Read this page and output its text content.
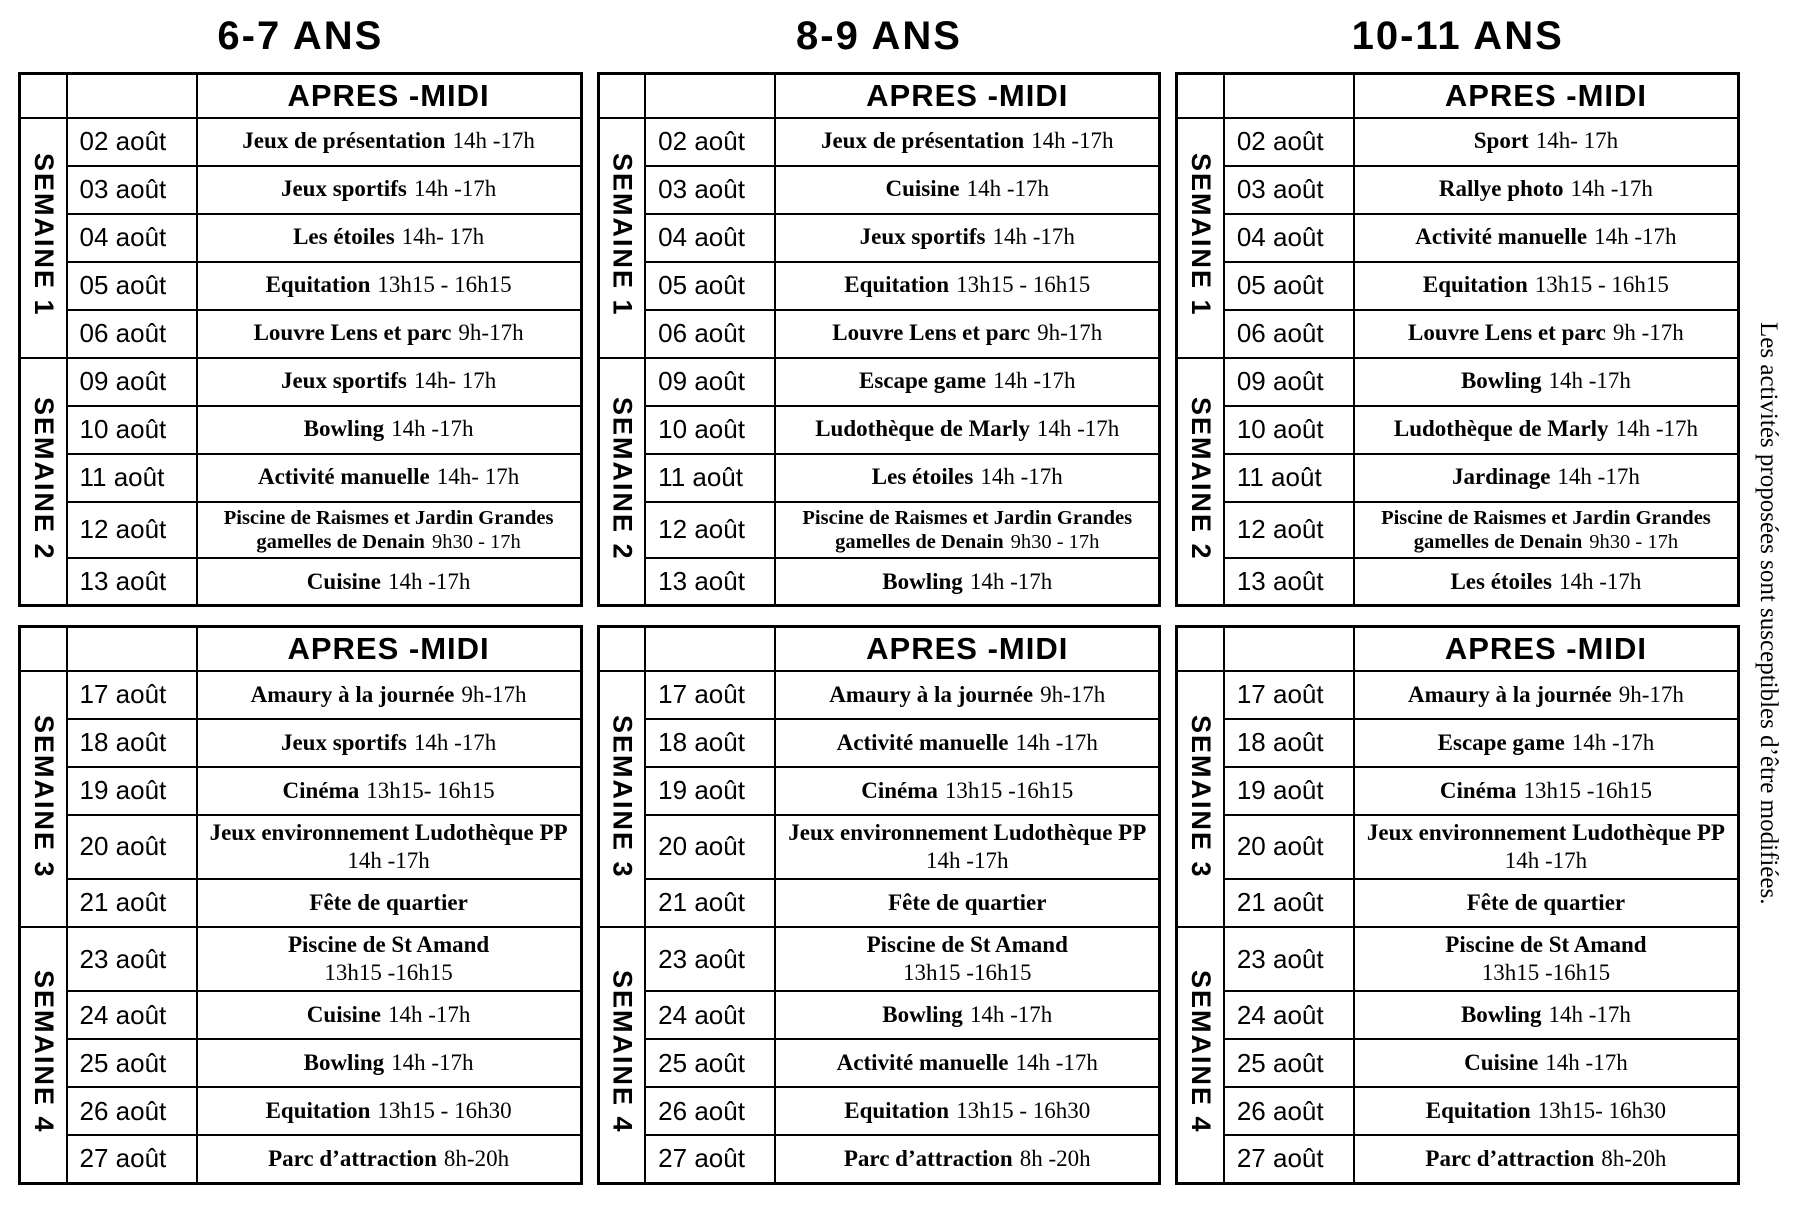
6-7 ANS
		APRES -MIDI
SEMAINE 1	02 août	Jeux de présentation 14h -17h
	03 août	Jeux sportifs 14h -17h
	04 août	Les étoiles 14h- 17h
	05 août	Equitation 13h15 - 16h15
	06 août	Louvre Lens et parc 9h-17h
SEMAINE 2	09 août	Jeux sportifs 14h- 17h
	10 août	Bowling 14h -17h
	11 août	Activité manuelle 14h- 17h
	12 août	Piscine de Raismes et Jardin Grandes gamelles de Denain 9h30 - 17h
	13 août	Cuisine 14h -17h
		APRES -MIDI
SEMAINE 3	17 août	Amaury à la journée 9h-17h
	18 août	Jeux sportifs 14h -17h
	19 août	Cinéma 13h15- 16h15
	20 août	Jeux environnement Ludothèque PP
14h -17h
	21 août	Fête de quartier
SEMAINE 4	23 août	Piscine de St Amand
13h15 -16h15
	24 août	Cuisine 14h -17h
	25 août	Bowling 14h -17h
	26 août	Equitation 13h15 - 16h30
	27 août	Parc d’attraction 8h-20h
8-9 ANS
		APRES -MIDI
SEMAINE 1	02 août	Jeux de présentation 14h -17h
	03 août	Cuisine 14h -17h
	04 août	Jeux sportifs 14h -17h
	05 août	Equitation 13h15 - 16h15
	06 août	Louvre Lens et parc 9h-17h
SEMAINE 2	09 août	Escape game 14h -17h
	10 août	Ludothèque de Marly 14h -17h
	11 août	Les étoiles 14h -17h
	12 août	Piscine de Raismes et Jardin Grandes gamelles de Denain 9h30 - 17h
	13 août	Bowling 14h -17h
		APRES -MIDI
SEMAINE 3	17 août	Amaury à la journée 9h-17h
	18 août	Activité manuelle 14h -17h
	19 août	Cinéma 13h15 -16h15
	20 août	Jeux environnement Ludothèque PP
14h -17h
	21 août	Fête de quartier
SEMAINE 4	23 août	Piscine de St Amand
13h15 -16h15
	24 août	Bowling 14h -17h
	25 août	Activité manuelle 14h -17h
	26 août	Equitation 13h15 - 16h30
	27 août	Parc d’attraction 8h -20h
10-11 ANS
		APRES -MIDI
SEMAINE 1	02 août	Sport 14h- 17h
	03 août	Rallye photo 14h -17h
	04 août	Activité manuelle 14h -17h
	05 août	Equitation 13h15 - 16h15
	06 août	Louvre Lens et parc 9h -17h
SEMAINE 2	09 août	Bowling 14h -17h
	10 août	Ludothèque de Marly 14h -17h
	11 août	Jardinage 14h -17h
	12 août	Piscine de Raismes et Jardin Grandes gamelles de Denain 9h30 - 17h
	13 août	Les étoiles 14h -17h
		APRES -MIDI
SEMAINE 3	17 août	Amaury à la journée 9h-17h
	18 août	Escape game 14h -17h
	19 août	Cinéma 13h15 -16h15
	20 août	Jeux environnement Ludothèque PP
14h -17h
	21 août	Fête de quartier
SEMAINE 4	23 août	Piscine de St Amand
13h15 -16h15
	24 août	Bowling 14h -17h
	25 août	Cuisine 14h -17h
	26 août	Equitation 13h15- 16h30
	27 août	Parc d’attraction 8h-20h
Les activités proposées sont susceptibles d’être modifiées.
